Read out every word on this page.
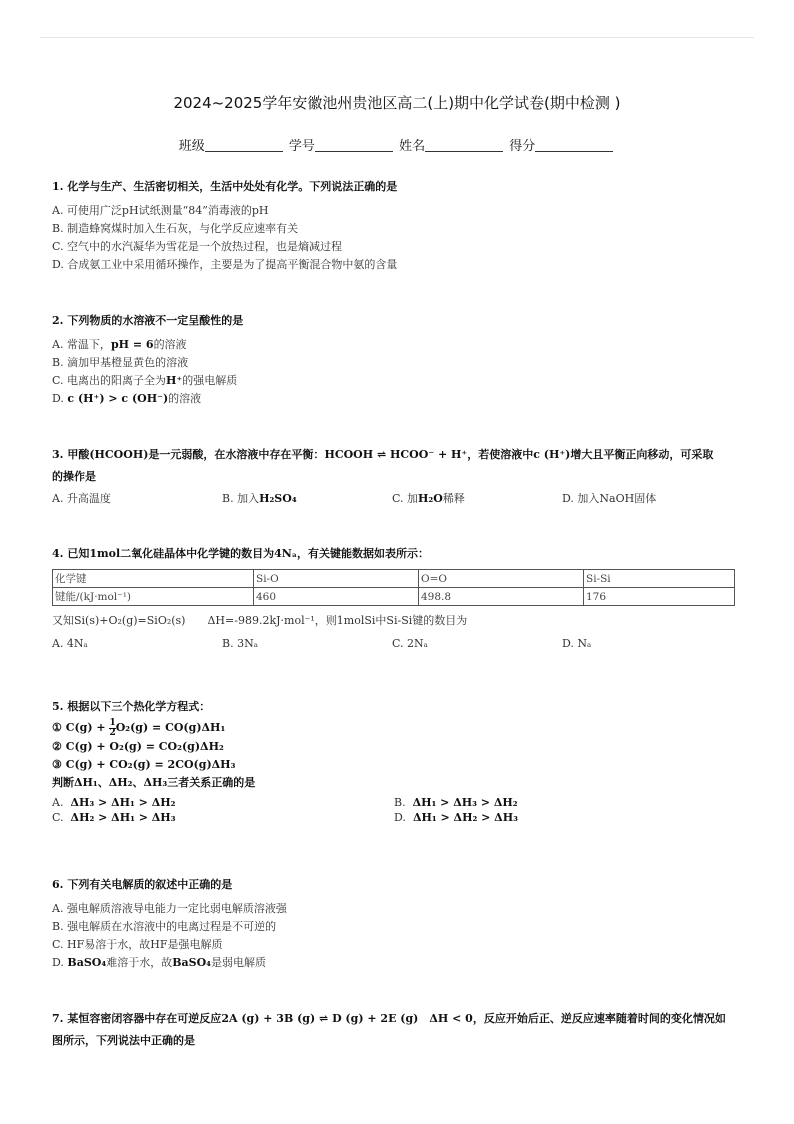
2024~2025学年安徽池州贵池区高二(上)期中化学试卷(期中检测 )
班级	学号	姓名	得分
1. 化学与生产、生活密切相关，生活中处处有化学。下列说法正确的是
A. 可使用广泛pH试纸测量“84”消毒液的pH
B. 制造蜂窝煤时加入生石灰，与化学反应速率有关
C. 空气中的水汽凝华为雪花是一个放热过程，也是熵减过程
D. 合成氨工业中采用循环操作，主要是为了提高平衡混合物中氨的含量
2. 下列物质的水溶液不一定呈酸性的是
A. 常温下，pH = 6的溶液
B. 滴加甲基橙显黄色的溶液
C. 电离出的阳离子全为H⁺的强电解质
D. c (H⁺) > c (OH⁻)的溶液
3. 甲酸(HCOOH)是一元弱酸，在水溶液中存在平衡：HCOOH ⇌ HCOO⁻ + H⁺，若使溶液中c (H⁺)增大且平衡正向移动，可采取
的操作是
A. 升高温度	B. 加入H₂SO₄	C. 加H₂O稀释	D. 加入NaOH固体
4. 已知1mol二氧化硅晶体中化学键的数目为4Nₐ，有关键能数据如表所示：
化学键	Si-O	O=O	Si-Si
键能/(kJ·mol⁻¹)	460	498.8	176
又知Si(s)+O₂(g)=SiO₂(s)　　ΔH=-989.2kJ·mol⁻¹，则1molSi中Si-Si键的数目为
A. 4Nₐ	B. 3Nₐ	C. 2Nₐ	D. Nₐ
5. 根据以下三个热化学方程式：
① $C(g) + \frac{1}{2} O_2(g) = CO(g)\Delta H_1$
② C(g) + O₂(g) = CO₂(g)ΔH₂
③ C(g) + CO₂(g) = 2CO(g)ΔH₃
判断ΔH₁、ΔH₂、ΔH₃三者关系正确的是
A. ΔH₃ > ΔH₁ > ΔH₂	B. ΔH₁ > ΔH₃ > ΔH₂
C. ΔH₂ > ΔH₁ > ΔH₃	D. ΔH₁ > ΔH₂ > ΔH₃
6. 下列有关电解质的叙述中正确的是
A. 强电解质溶液导电能力一定比弱电解质溶液强
B. 强电解质在水溶液中的电离过程是不可逆的
C. HF易溶于水，故HF是强电解质
D. BaSO₄难溶于水，故BaSO₄是弱电解质
7. 某恒容密闭容器中存在可逆反应2A (g) + 3B (g) ⇌ D (g) + 2E (g)　ΔH < 0，反应开始后正、逆反应速率随着时间的变化情况如
图所示，下列说法中正确的是
